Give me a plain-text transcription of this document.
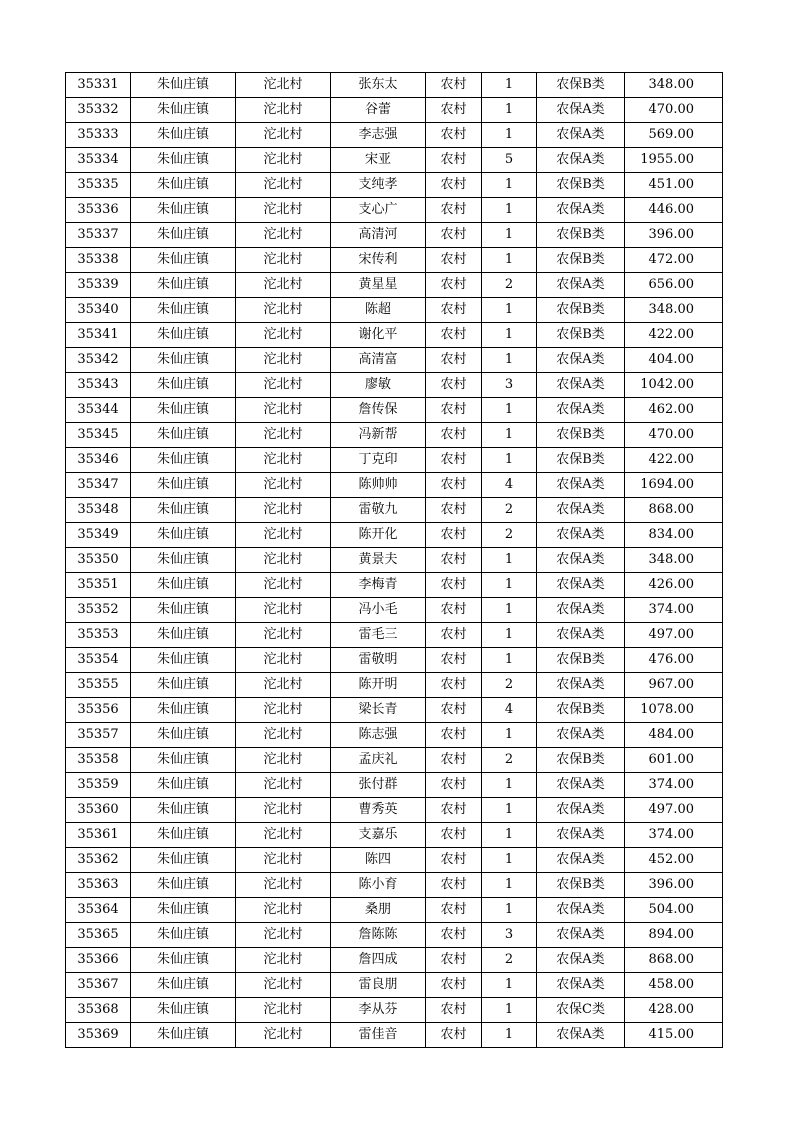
35331	朱仙庄镇	沱北村	张东太	农村	1	农保B类	348.00
35332	朱仙庄镇	沱北村	谷蕾	农村	1	农保A类	470.00
35333	朱仙庄镇	沱北村	李志强	农村	1	农保A类	569.00
35334	朱仙庄镇	沱北村	宋亚	农村	5	农保A类	1955.00
35335	朱仙庄镇	沱北村	支纯孝	农村	1	农保B类	451.00
35336	朱仙庄镇	沱北村	支心广	农村	1	农保A类	446.00
35337	朱仙庄镇	沱北村	高清河	农村	1	农保B类	396.00
35338	朱仙庄镇	沱北村	宋传利	农村	1	农保B类	472.00
35339	朱仙庄镇	沱北村	黄星星	农村	2	农保A类	656.00
35340	朱仙庄镇	沱北村	陈超	农村	1	农保B类	348.00
35341	朱仙庄镇	沱北村	谢化平	农村	1	农保B类	422.00
35342	朱仙庄镇	沱北村	高清富	农村	1	农保A类	404.00
35343	朱仙庄镇	沱北村	廖敏	农村	3	农保A类	1042.00
35344	朱仙庄镇	沱北村	詹传保	农村	1	农保A类	462.00
35345	朱仙庄镇	沱北村	冯新帮	农村	1	农保B类	470.00
35346	朱仙庄镇	沱北村	丁克印	农村	1	农保B类	422.00
35347	朱仙庄镇	沱北村	陈帅帅	农村	4	农保A类	1694.00
35348	朱仙庄镇	沱北村	雷敬九	农村	2	农保A类	868.00
35349	朱仙庄镇	沱北村	陈开化	农村	2	农保A类	834.00
35350	朱仙庄镇	沱北村	黄景夫	农村	1	农保A类	348.00
35351	朱仙庄镇	沱北村	李梅青	农村	1	农保A类	426.00
35352	朱仙庄镇	沱北村	冯小毛	农村	1	农保A类	374.00
35353	朱仙庄镇	沱北村	雷毛三	农村	1	农保A类	497.00
35354	朱仙庄镇	沱北村	雷敬明	农村	1	农保B类	476.00
35355	朱仙庄镇	沱北村	陈开明	农村	2	农保A类	967.00
35356	朱仙庄镇	沱北村	梁长青	农村	4	农保B类	1078.00
35357	朱仙庄镇	沱北村	陈志强	农村	1	农保A类	484.00
35358	朱仙庄镇	沱北村	孟庆礼	农村	2	农保B类	601.00
35359	朱仙庄镇	沱北村	张付群	农村	1	农保A类	374.00
35360	朱仙庄镇	沱北村	曹秀英	农村	1	农保A类	497.00
35361	朱仙庄镇	沱北村	支嘉乐	农村	1	农保A类	374.00
35362	朱仙庄镇	沱北村	陈四	农村	1	农保A类	452.00
35363	朱仙庄镇	沱北村	陈小育	农村	1	农保B类	396.00
35364	朱仙庄镇	沱北村	桑朋	农村	1	农保A类	504.00
35365	朱仙庄镇	沱北村	詹陈陈	农村	3	农保A类	894.00
35366	朱仙庄镇	沱北村	詹四成	农村	2	农保A类	868.00
35367	朱仙庄镇	沱北村	雷良朋	农村	1	农保A类	458.00
35368	朱仙庄镇	沱北村	李从芬	农村	1	农保C类	428.00
35369	朱仙庄镇	沱北村	雷佳音	农村	1	农保A类	415.00
